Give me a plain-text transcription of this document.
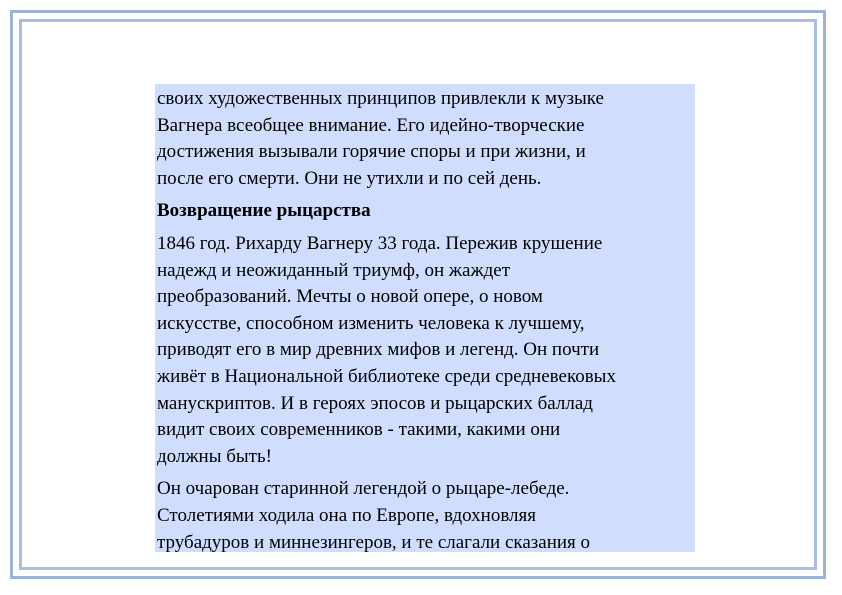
своих художественных принципов привлекли к музыке
Вагнера всеобщее внимание. Его идейно-творческие
достижения вызывали горячие споры и при жизни, и
после его смерти. Они не утихли и по сей день.
Возвращение рыцарства
1846 год. Рихарду Вагнеру 33 года. Пережив крушение
надежд и неожиданный триумф, он жаждет
преобразований. Мечты о новой опере, о новом
искусстве, способном изменить человека к лучшему,
приводят его в мир древних мифов и легенд. Он почти
живёт в Национальной библиотеке среди средневековых
манускриптов. И в героях эпосов и рыцарских баллад
видит своих современников - такими, какими они
должны быть!
Он очарован старинной легендой о рыцаре-лебеде.
Столетиями ходила она по Европе, вдохновляя
трубадуров и миннезингеров, и те слагали сказания о
